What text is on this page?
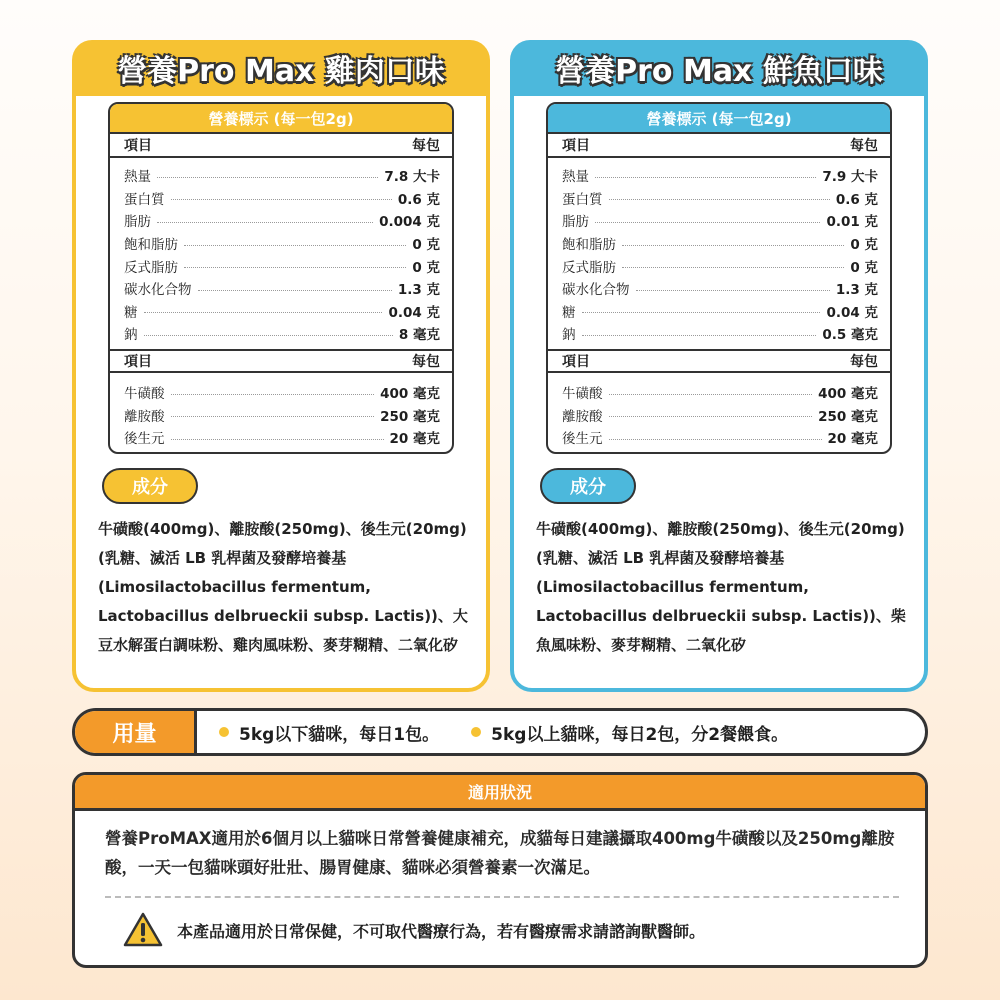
營養Pro Max 雞肉口味
營養標示 (每一包2g)
項目	每包
熱量	7.8 大卡
蛋白質	0.6 克
脂肪	0.004 克
飽和脂肪	0 克
反式脂肪	0 克
碳水化合物	1.3 克
糖	0.04 克
鈉	8 毫克
項目	每包
牛磺酸	400 毫克
離胺酸	250 毫克
後生元	20 毫克
成分
牛磺酸(400mg)、離胺酸(250mg)、後生元(20mg)(乳糖、滅活 LB 乳桿菌及發酵培養基(Limosilactobacillus fermentum, Lactobacillus delbrueckii subsp. Lactis))、大豆水解蛋白調味粉、雞肉風味粉、麥芽糊精、二氧化矽
營養Pro Max 鮮魚口味
營養標示 (每一包2g)
項目	每包
熱量	7.9 大卡
蛋白質	0.6 克
脂肪	0.01 克
飽和脂肪	0 克
反式脂肪	0 克
碳水化合物	1.3 克
糖	0.04 克
鈉	0.5 毫克
項目	每包
牛磺酸	400 毫克
離胺酸	250 毫克
後生元	20 毫克
成分
牛磺酸(400mg)、離胺酸(250mg)、後生元(20mg)(乳糖、滅活 LB 乳桿菌及發酵培養基(Limosilactobacillus fermentum, Lactobacillus delbrueckii subsp. Lactis))、柴魚風味粉、麥芽糊精、二氧化矽
用量	5kg以下貓咪，每日1包。	5kg以上貓咪，每日2包，分2餐餵食。
適用狀況
營養ProMAX適用於6個月以上貓咪日常營養健康補充，成貓每日建議攝取400mg牛磺酸以及250mg離胺酸，一天一包貓咪頭好壯壯、腸胃健康、貓咪必須營養素一次滿足。
本產品適用於日常保健，不可取代醫療行為，若有醫療需求請諮詢獸醫師。
